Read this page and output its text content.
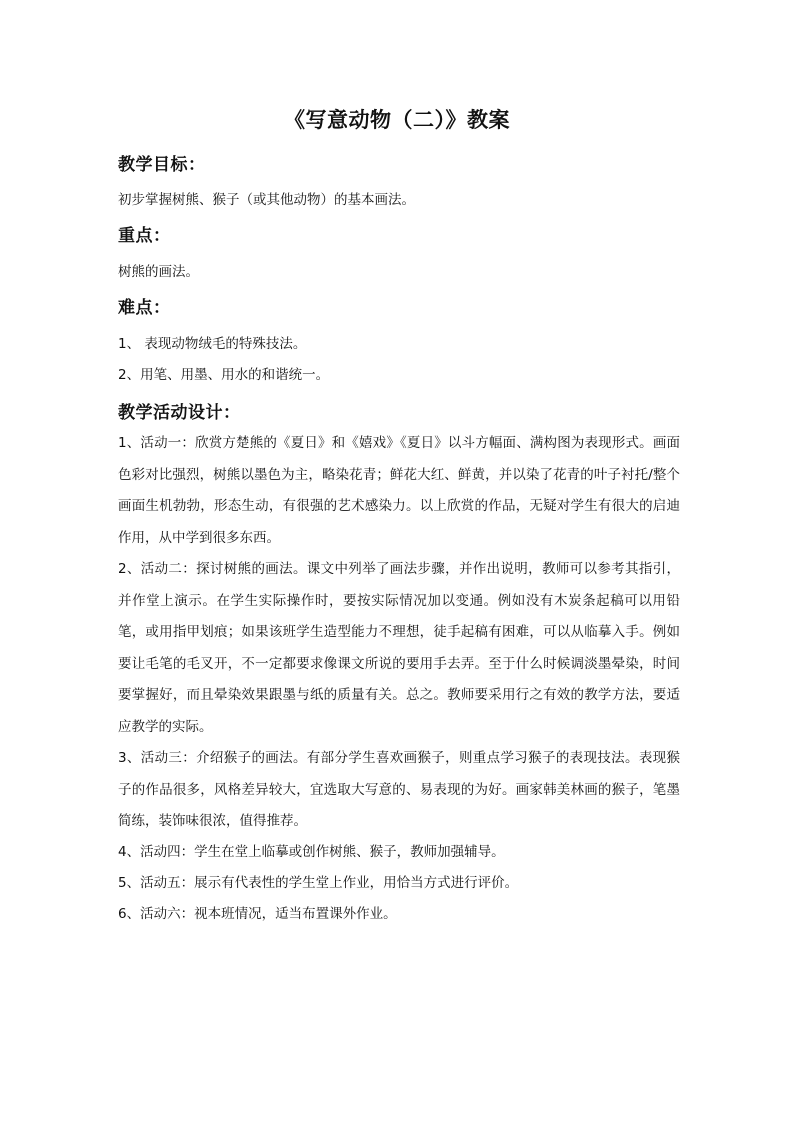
《写意动物（二）》教案
教学目标：
初步掌握树熊、猴子（或其他动物）的基本画法。
重点：
树熊的画法。
难点：
1、 表现动物绒毛的特殊技法。
2、用笔、用墨、用水的和谐统一。
教学活动设计：
1、活动一：欣赏方楚熊的《夏日》和《嬉戏》《夏日》以斗方幅面、满构图为表现形式。画面色彩对比强烈，树熊以墨色为主，略染花青；鲜花大红、鲜黄，并以染了花青的叶子衬托/整个画面生机勃勃，形态生动，有很强的艺术感染力。以上欣赏的作品，无疑对学生有很大的启迪作用，从中学到很多东西。
2、活动二：探讨树熊的画法。课文中列举了画法步骤，并作出说明，教师可以参考其指引，并作堂上演示。在学生实际操作时，要按实际情况加以变通。例如没有木炭条起稿可以用铅笔，或用指甲划痕；如果该班学生造型能力不理想，徒手起稿有困难，可以从临摹入手。例如要让毛笔的毛叉开，不一定都要求像课文所说的要用手去弄。至于什么时候调淡墨晕染，时间要掌握好，而且晕染效果跟墨与纸的质量有关。总之。教师要采用行之有效的教学方法，要适应教学的实际。
3、活动三：介绍猴子的画法。有部分学生喜欢画猴子，则重点学习猴子的表现技法。表现猴子的作品很多，风格差异较大，宜选取大写意的、易表现的为好。画家韩美林画的猴子，笔墨简练，装饰味很浓，值得推荐。
4、活动四：学生在堂上临摹或创作树熊、猴子，教师加强辅导。
5、活动五：展示有代表性的学生堂上作业，用恰当方式进行评价。
6、活动六：视本班情况，适当布置课外作业。
